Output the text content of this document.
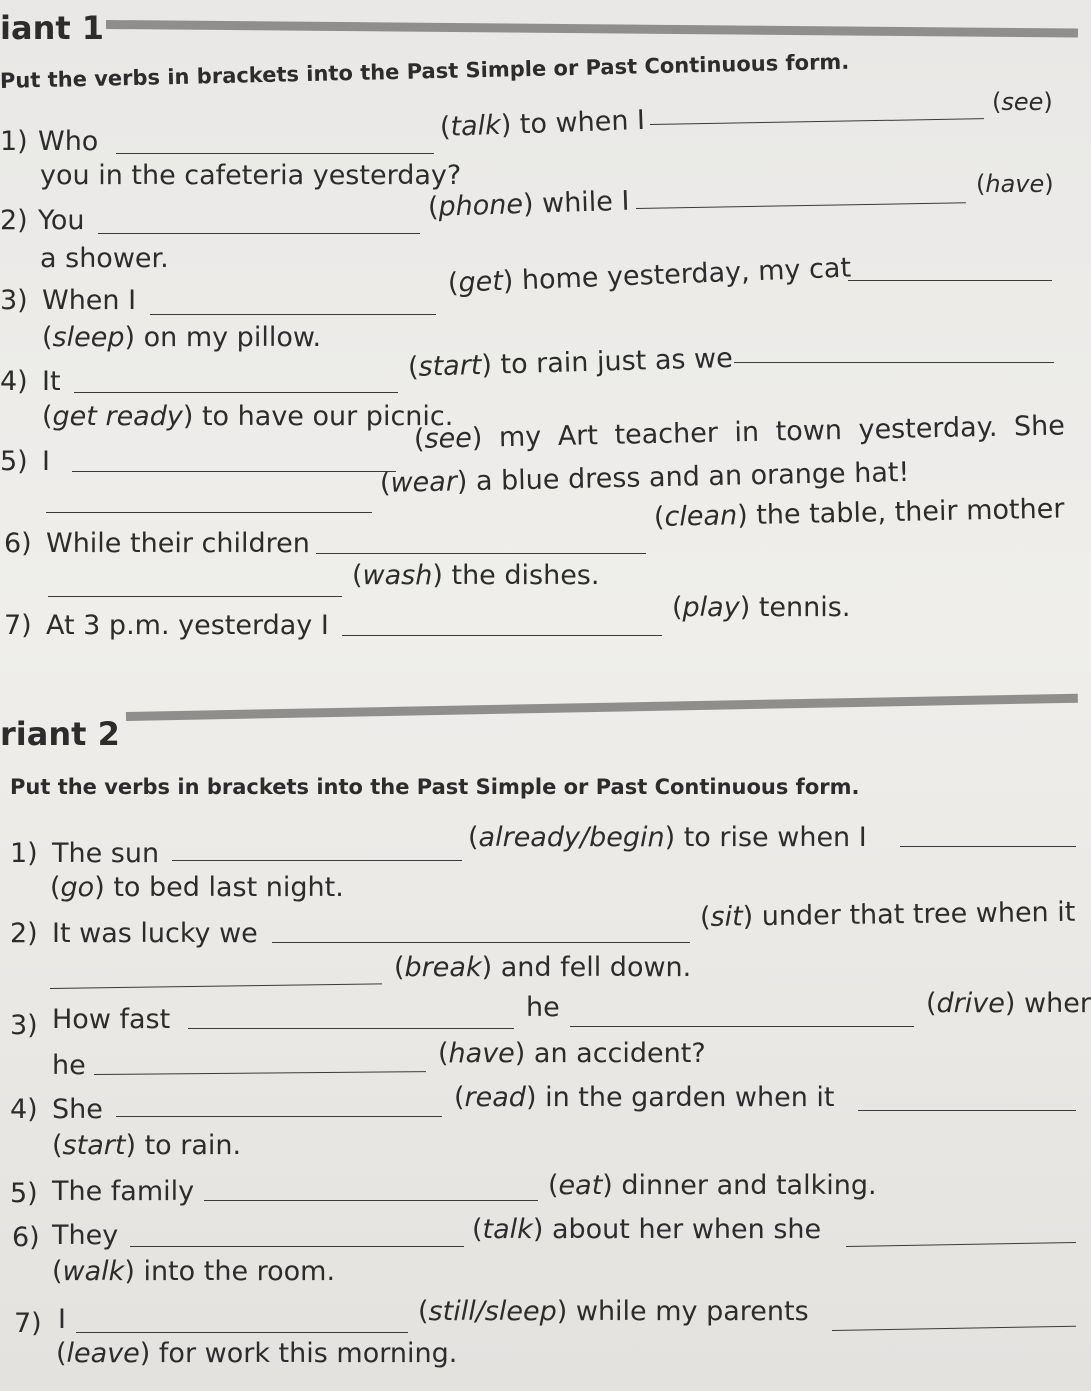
iant 1
Put the verbs in brackets into the Past Simple or Past Continuous form.
1) Who	(talk) to when I
(see)
you in the cafeteria yesterday?
2) You	(phone) while I
(have)
a shower.
3) When I
(get) home yesterday, my cat
(sleep) on my pillow.
4) It	(start) to rain just as we
(get ready) to have our picnic.
5) I
(see) my Art teacher in town yesterday. She
(wear) a blue dress and an orange hat!
6) While their children
(clean) the table, their mother
(wash) the dishes.
7) At 3 p.m. yesterday I
(play) tennis.
riant 2
Put the verbs in brackets into the Past Simple or Past Continuous form.
1) The sun
(already/begin) to rise when I
(go) to bed last night.
2) It was lucky we
(sit) under that tree when it
(break) and fell down.
3) How fast	he	(drive) wher
he	(have) an accident?
4) She	(read) in the garden when it
(start) to rain.
5) The family	(eat) dinner and talking.
6) They	(talk) about her when she
(walk) into the room.
7) I	(still/sleep) while my parents
(leave) for work this morning.
